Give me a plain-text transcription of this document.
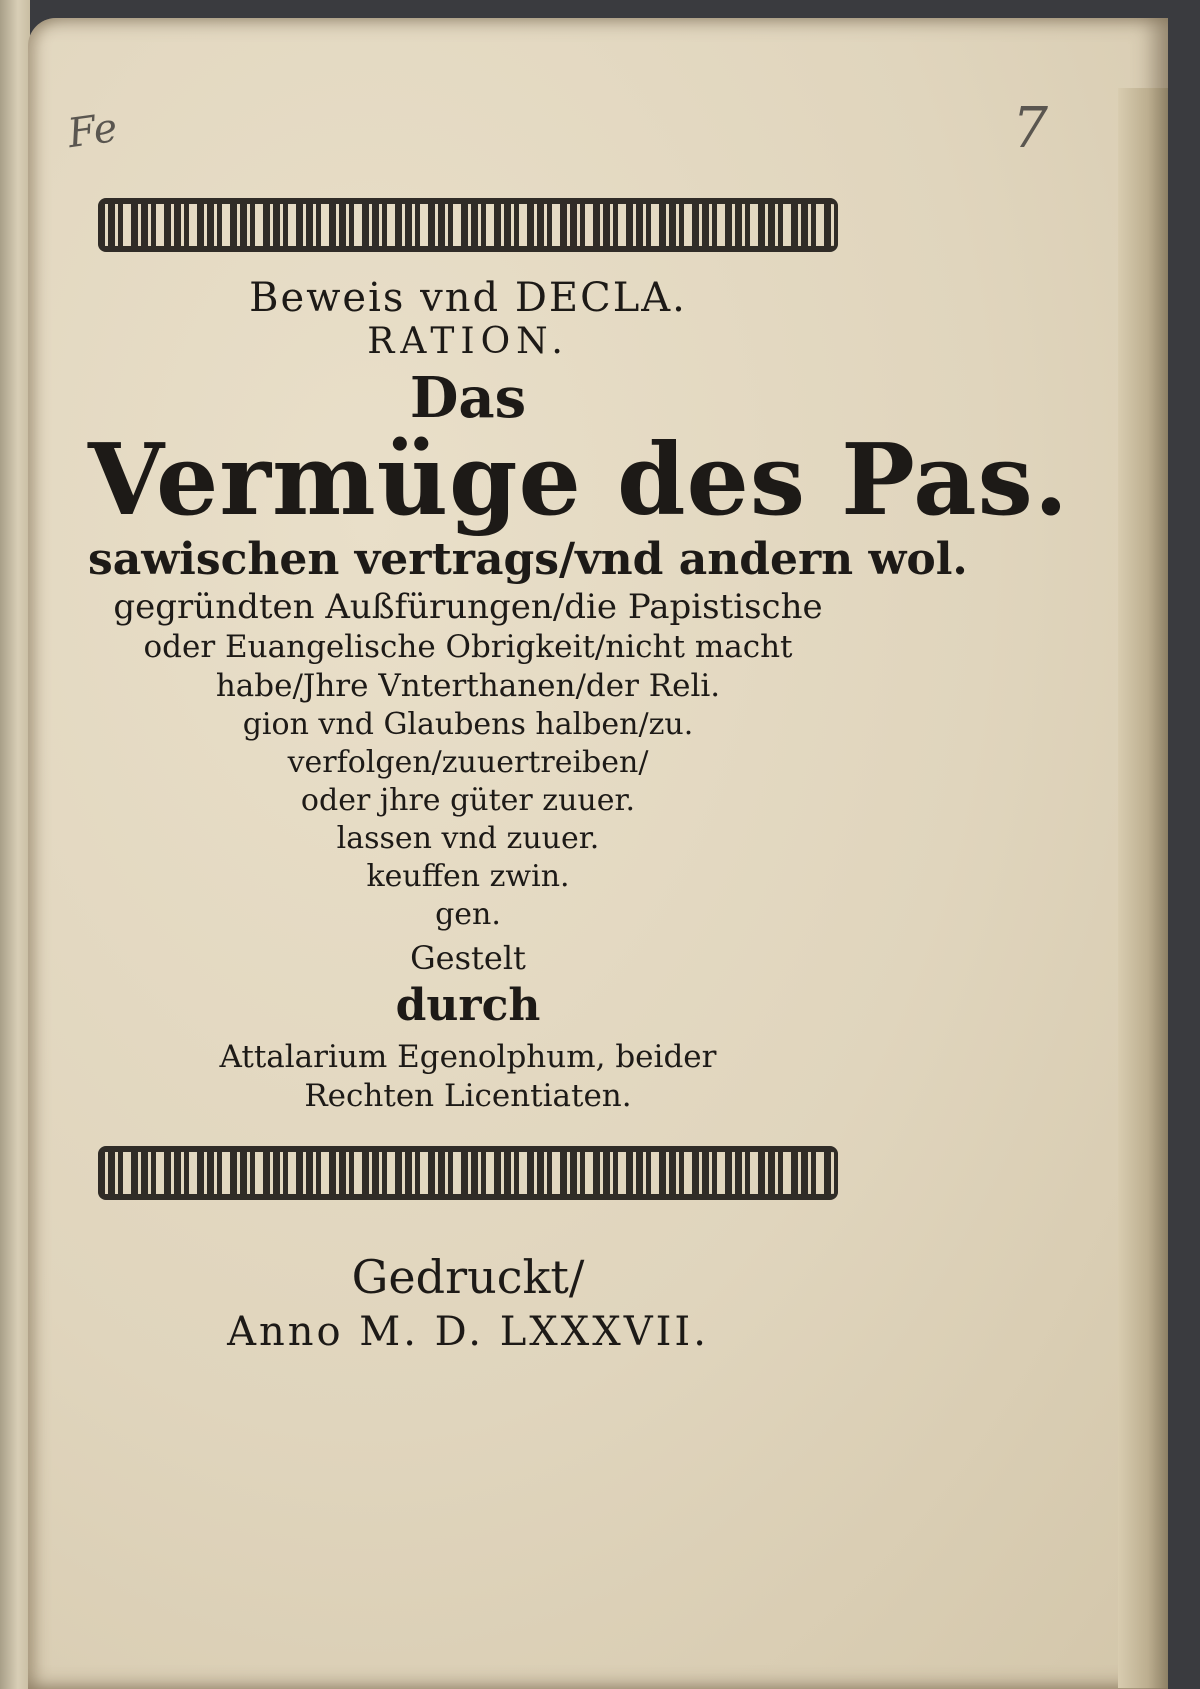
Fe	7
Beweis vnd DECLA.
RATION.
Das
Vermüge des Pas.
sawischen vertrags/vnd andern wol.
gegründten Außfürungen/die Papistische
oder Euangelische Obrigkeit/nicht macht
habe/Jhre Vnterthanen/der Reli.
gion vnd Glaubens halben/zu.
verfolgen/zuuertreiben/
oder jhre güter zuuer.
lassen vnd zuuer.
keuffen zwin.
gen.
Gestelt
durch
Attalarium Egenolphum, beider
Rechten Licentiaten.
Gedruckt/
Anno M. D. LXXXVII.
